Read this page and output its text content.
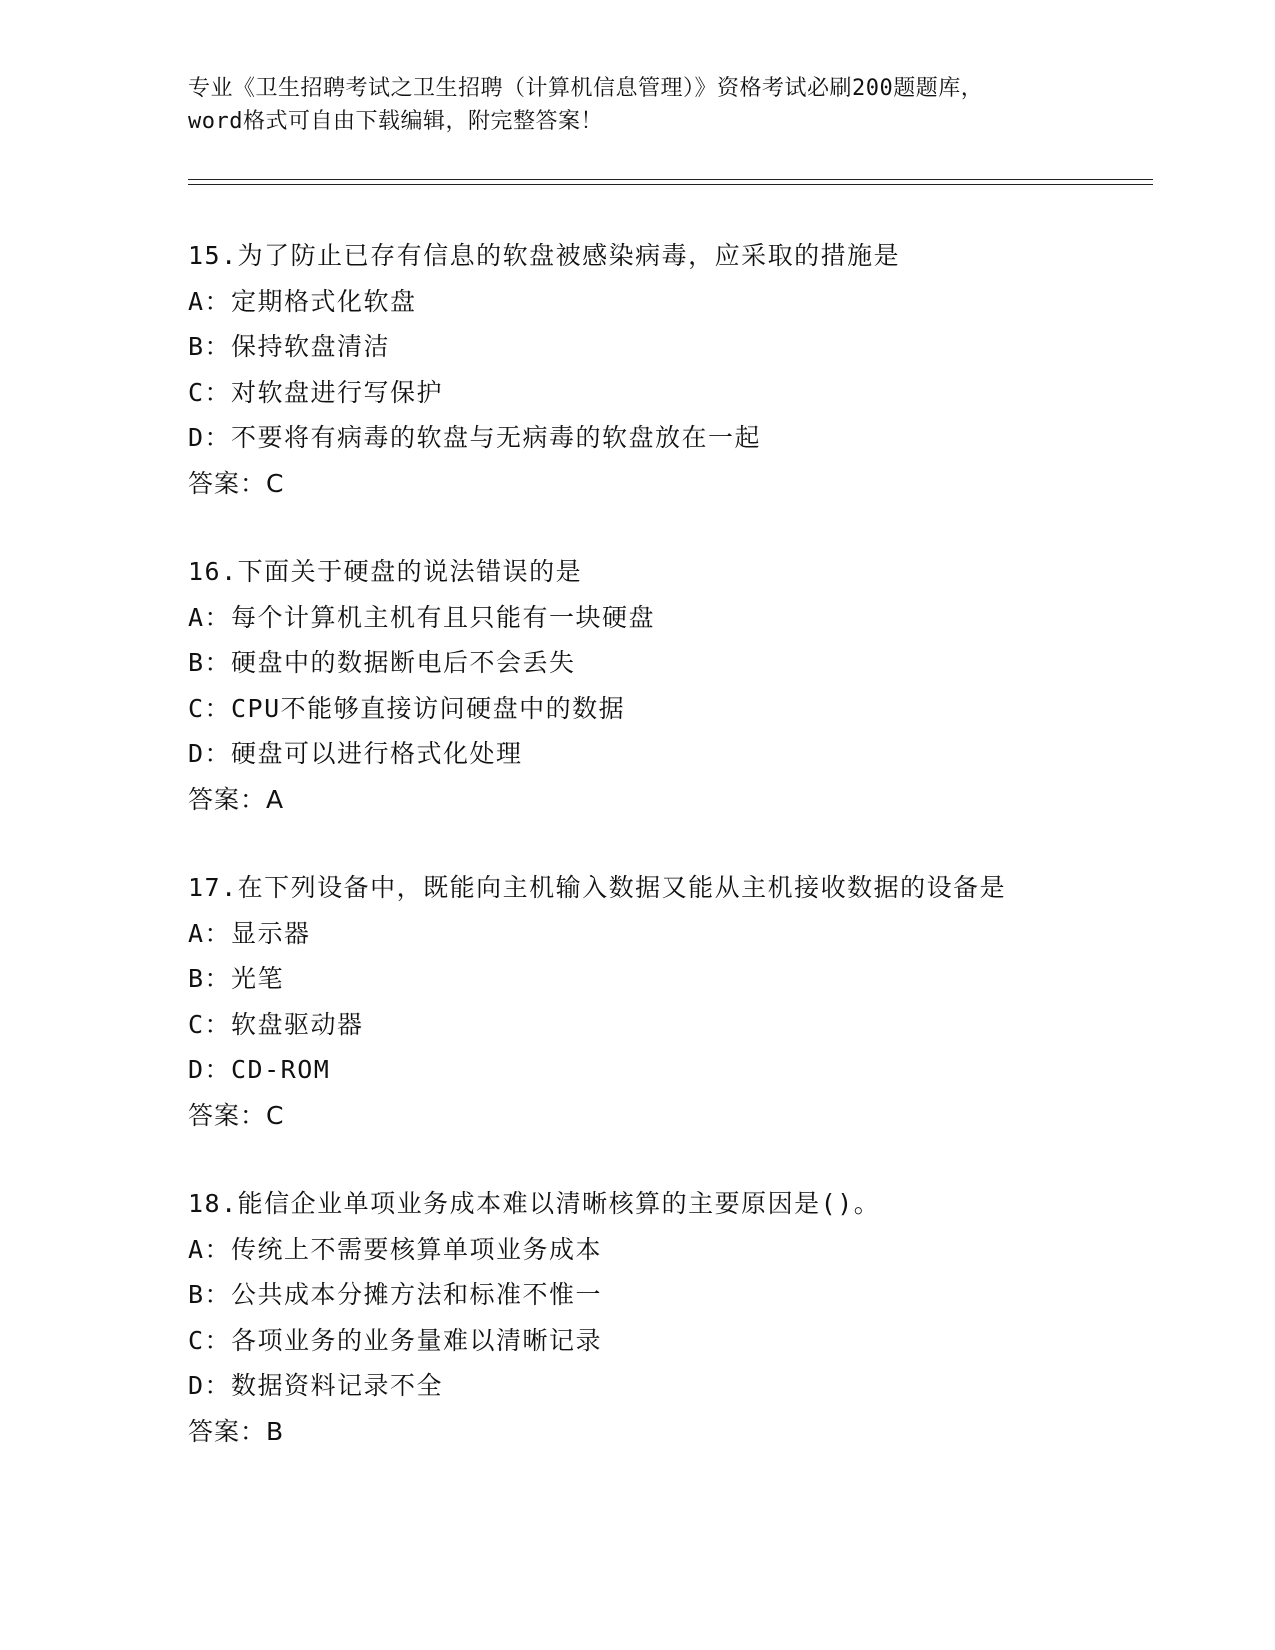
专业《卫生招聘考试之卫生招聘（计算机信息管理）》资格考试必刷200题题库，
word格式可自由下载编辑，附完整答案！
15.为了防止已存有信息的软盘被感染病毒，应采取的措施是
A：定期格式化软盘
B：保持软盘清洁
C：对软盘进行写保护
D：不要将有病毒的软盘与无病毒的软盘放在一起
答案：C
16.下面关于硬盘的说法错误的是
A：每个计算机主机有且只能有一块硬盘
B：硬盘中的数据断电后不会丢失
C：CPU不能够直接访问硬盘中的数据
D：硬盘可以进行格式化处理
答案：A
17.在下列设备中，既能向主机输入数据又能从主机接收数据的设备是
A：显示器
B：光笔
C：软盘驱动器
D：CD-ROM
答案：C
18.能信企业单项业务成本难以清晰核算的主要原因是()。
A：传统上不需要核算单项业务成本
B：公共成本分摊方法和标准不惟一
C：各项业务的业务量难以清晰记录
D：数据资料记录不全
答案：B
